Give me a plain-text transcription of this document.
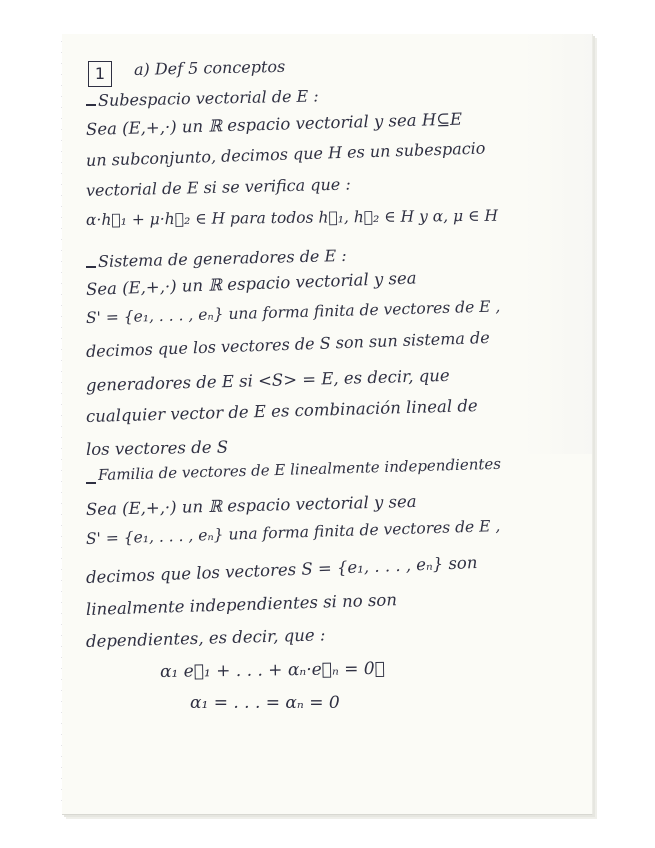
1	a) Def 5 conceptos
Subespacio vectorial de E :
Sea (E,+,·) un ℝ espacio vectorial y sea H⊆E
un subconjunto, decimos que H es un subespacio
vectorial de E si se verifica que :
α·h⃗₁ + μ·h⃗₂ ∈ H para todos h⃗₁, h⃗₂ ∈ H y α, μ ∈ H
Sistema de generadores de E :
Sea (E,+,·) un ℝ espacio vectorial y sea
S' = {e₁, . . . , eₙ} una forma finita de vectores de E ,
decimos que los vectores de S son sun sistema de
generadores de E si <S> = E, es decir, que
cualquier vector de E es combinación lineal de
los vectores de S
Familia de vectores de E linealmente independientes
Sea (E,+,·) un ℝ espacio vectorial y sea
S' = {e₁, . . . , eₙ} una forma finita de vectores de E ,
decimos que los vectores S = {e₁, . . . , eₙ} son
linealmente independientes si no son
dependientes, es decir, que :
α₁ e⃗₁ + . . . + αₙ·e⃗ₙ = 0⃗
α₁ = . . . = αₙ = 0
